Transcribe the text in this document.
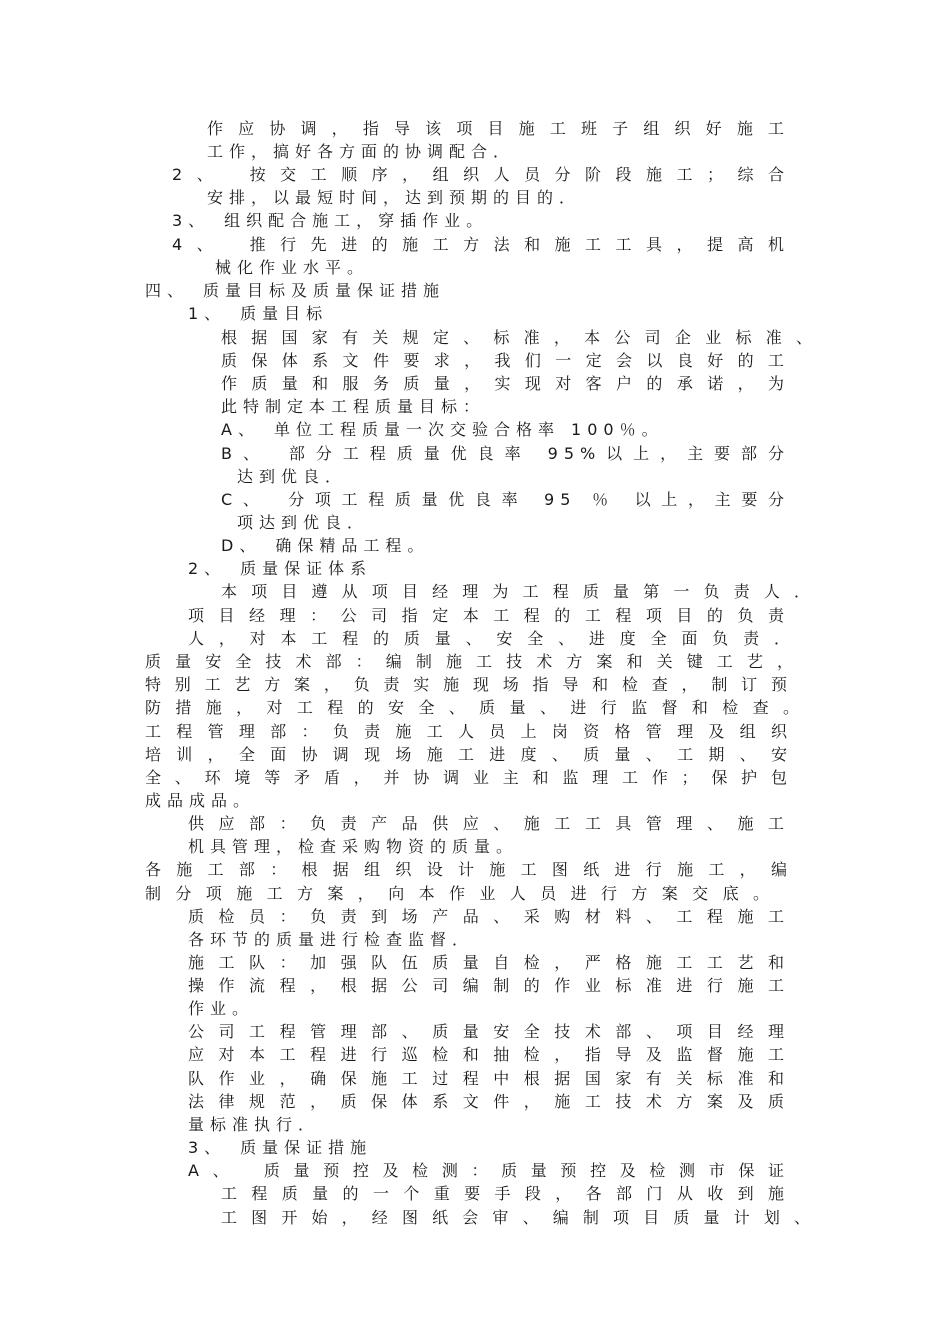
作应协调，指导该项目施工班子组织好施工
工作，搞好各方面的协调配合．
2、　按交工顺序，组织人员分阶段施工；综合
安排，以最短时间，达到预期的目的．
3、　组织配合施工，穿插作业。
4、　推行先进的施工方法和施工工具，提高机
械化作业水平。
四、　质量目标及质量保证措施
1、　质量目标
根据国家有关规定、标准，本公司企业标准、
质保体系文件要求，我们一定会以良好的工
作质量和服务质量，实现对客户的承诺，为
此特制定本工程质量目标：
A、　单位工程质量一次交验合格率 100％。
B、　部分工程质量优良率 95%以上，主要部分
达到优良．
C、　分项工程质量优良率 95 ％ 以上，主要分
项达到优良．
D、　确保精品工程。
2、　质量保证体系
本项目遵从项目经理为工程质量第一负责人．
项目经理：公司指定本工程的工程项目的负责
人，对本工程的质量、安全、进度全面负责．
质量安全技术部：编制施工技术方案和关键工艺，
特别工艺方案，负责实施现场指导和检查，制订预
防措施，对工程的安全、质量、进行监督和检查。
工程管理部：负责施工人员上岗资格管理及组织
培训，全面协调现场施工进度、质量、工期、安
全、环境等矛盾，并协调业主和监理工作；保护包
成品成品。
供应部：负责产品供应、施工工具管理、施工
机具管理，检查采购物资的质量。
各施工部：根据组织设计施工图纸进行施工，编
制分项施工方案，向本作业人员进行方案交底。
质检员：负责到场产品、采购材料、工程施工
各环节的质量进行检查监督．
施工队：加强队伍质量自检，严格施工工艺和
操作流程，根据公司编制的作业标准进行施工
作业。
公司工程管理部、质量安全技术部、项目经理
应对本工程进行巡检和抽检，指导及监督施工
队作业，确保施工过程中根据国家有关标准和
法律规范，质保体系文件，施工技术方案及质
量标准执行．
3、　质量保证措施
A、　质量预控及检测：质量预控及检测市保证
工程质量的一个重要手段，各部门从收到施
工图开始，经图纸会审、编制项目质量计划、
